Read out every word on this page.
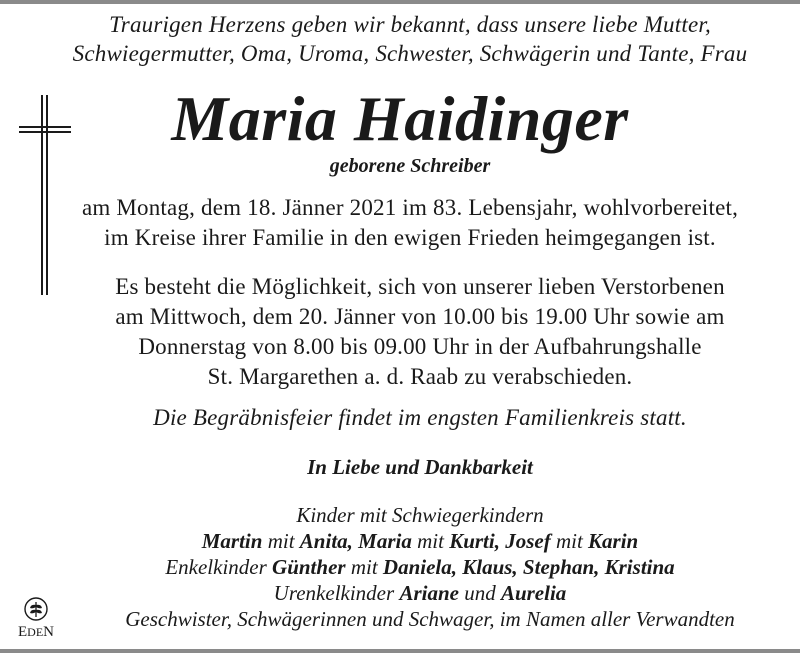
Traurigen Herzens geben wir bekannt, dass unsere liebe Mutter,
Schwiegermutter, Oma, Uroma, Schwester, Schwägerin und Tante, Frau
Maria Haidinger
geborene Schreiber
am Montag, dem 18. Jänner 2021 im 83. Lebensjahr, wohlvorbereitet,
im Kreise ihrer Familie in den ewigen Frieden heimgegangen ist.
Es besteht die Möglichkeit, sich von unserer lieben Verstorbenen
am Mittwoch, dem 20. Jänner von 10.00 bis 19.00 Uhr sowie am
Donnerstag von 8.00 bis 09.00 Uhr in der Aufbahrungshalle
St. Margarethen a. d. Raab zu verabschieden.
Die Begräbnisfeier findet im engsten Familienkreis statt.
In Liebe und Dankbarkeit
Kinder mit Schwiegerkindern
Martin mit Anita, Maria mit Kurti, Josef mit Karin
Enkelkinder Günther mit Daniela, Klaus, Stephan, Kristina
Urenkelkinder Ariane und Aurelia
Geschwister, Schwägerinnen und Schwager, im Namen aller Verwandten
EDEN
